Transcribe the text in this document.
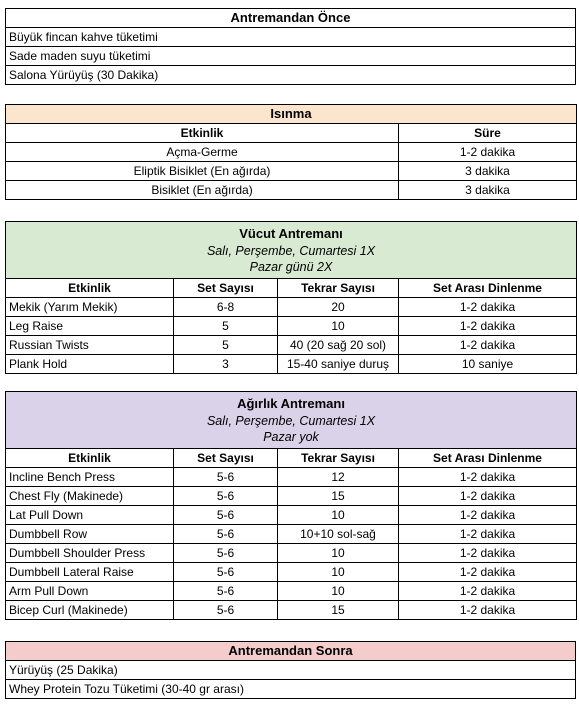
Antremandan Önce
Büyük fincan kahve tüketimi
Sade maden suyu tüketimi
Salona Yürüyüş (30 Dakika)
Isınma	
Etkinlik	Süre
Açma-Germe	1-2 dakika
Eliptik Bisiklet (En ağırda)	3 dakika
Bisiklet (En ağırda)	3 dakika
Vücut Antremanı
Salı, Perşembe, Cumartesi 1X
Pazar günü 2X			

Etkinlik	Set Sayısı	Tekrar Sayısı	Set Arası Dinlenme
Mekik (Yarım Mekik)	6-8	20	1-2 dakika
Leg Raise	5	10	1-2 dakika
Russian Twists	5	40 (20 sağ 20 sol)	1-2 dakika
Plank Hold	3	15-40 saniye duruş	10 saniye
Ağırlık Antremanı
Salı, Perşembe, Cumartesi 1X
Pazar yok			

Etkinlik	Set Sayısı	Tekrar Sayısı	Set Arası Dinlenme
Incline Bench Press	5-6	12	1-2 dakika
Chest Fly (Makinede)	5-6	15	1-2 dakika
Lat Pull Down	5-6	10	1-2 dakika
Dumbbell Row	5-6	10+10 sol-sağ	1-2 dakika
Dumbbell Shoulder Press	5-6	10	1-2 dakika
Dumbbell Lateral Raise	5-6	10	1-2 dakika
Arm Pull Down	5-6	10	1-2 dakika
Bicep Curl (Makinede)	5-6	15	1-2 dakika
Antremandan Sonra
Yürüyüş (25 Dakika)
Whey Protein Tozu Tüketimi (30-40 gr arası)
